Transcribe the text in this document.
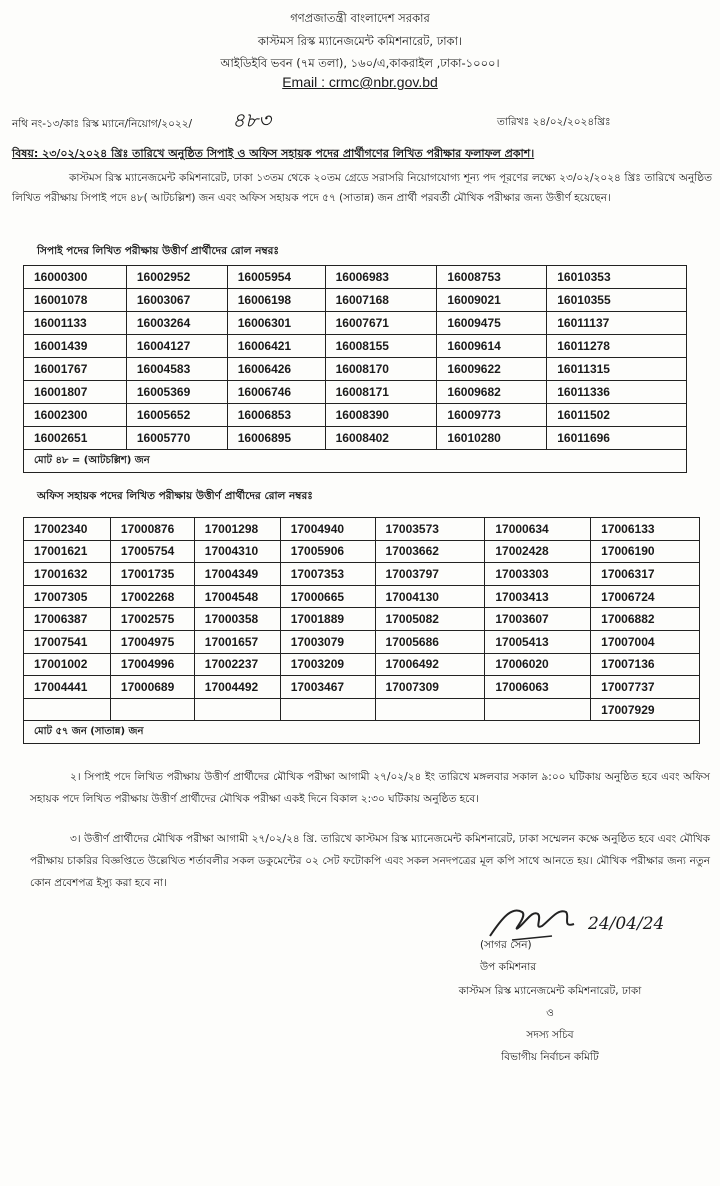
গণপ্রজাতন্ত্রী বাংলাদেশ সরকার
কাস্টমস রিস্ক ম্যানেজমেন্ট কমিশনারেট, ঢাকা।
আইডিইবি ভবন (৭ম তলা), ১৬০/এ,কাকরাইল ,ঢাকা-১০০০।
Email : crmc@nbr.gov.bd
নথি নং-১৩/কাঃ রিস্ক ম্যানে/নিয়োগ/২০২২/ ৪৮৩	তারিখঃ ২৪/০২/২০২৪খ্রিঃ
বিষয়: ২৩/০২/২০২৪ খ্রিঃ তারিখে অনুষ্ঠিত সিপাই ও অফিস সহায়ক পদের প্রার্থীগণের লিখিত পরীক্ষার ফলাফল প্রকাশ।

কাস্টমস রিস্ক ম্যানেজমেন্ট কমিশনারেট, ঢাকা ১৩তম থেকে ২০তম গ্রেডে সরাসরি নিয়োগযোগ্য শূন্য পদ পূরণের লক্ষ্যে ২৩/০২/২০২৪ খ্রিঃ তারিখে অনুষ্ঠিত লিখিত পরীক্ষায় সিপাই পদে ৪৮( আটচল্লিশ) জন এবং অফিস সহায়ক পদে ৫৭ (সাতান্ন) জন প্রার্থী পরবর্তী মৌখিক পরীক্ষার জন্য উত্তীর্ণ হয়েছেন।

সিপাই পদের লিখিত পরীক্ষায় উত্তীর্ণ প্রার্থীদের রোল নম্বরঃ
16000300	16002952	16005954	16006983	16008753	16010353
16001078	16003067	16006198	16007168	16009021	16010355
16001133	16003264	16006301	16007671	16009475	16011137
16001439	16004127	16006421	16008155	16009614	16011278
16001767	16004583	16006426	16008170	16009622	16011315
16001807	16005369	16006746	16008171	16009682	16011336
16002300	16005652	16006853	16008390	16009773	16011502
16002651	16005770	16006895	16008402	16010280	16011696
মোট ৪৮ = (আটচল্লিশ) জন					
অফিস সহায়ক পদের লিখিত পরীক্ষায় উত্তীর্ণ প্রার্থীদের রোল নম্বরঃ
17002340	17000876	17001298	17004940	17003573	17000634	17006133
17001621	17005754	17004310	17005906	17003662	17002428	17006190
17001632	17001735	17004349	17007353	17003797	17003303	17006317
17007305	17002268	17004548	17000665	17004130	17003413	17006724
17006387	17002575	17000358	17001889	17005082	17003607	17006882
17007541	17004975	17001657	17003079	17005686	17005413	17007004
17001002	17004996	17002237	17003209	17006492	17006020	17007136
17004441	17000689	17004492	17003467	17007309	17006063	17007737
						17007929
মোট ৫৭ জন (সাতান্ন) জন						

২। সিপাই পদে লিখিত পরীক্ষায় উত্তীর্ণ প্রার্থীদের মৌখিক পরীক্ষা আগামী ২৭/০২/২৪ ইং তারিখে মঙ্গলবার সকাল ৯:০০ ঘটিকায় অনুষ্ঠিত হবে এবং অফিস সহায়ক পদে লিখিত পরীক্ষায় উত্তীর্ণ প্রার্থীদের মৌখিক পরীক্ষা একই দিনে বিকাল ২:৩০ ঘটিকায় অনুষ্ঠিত হবে।

৩। উত্তীর্ণ প্রার্থীদের মৌখিক পরীক্ষা আগামী ২৭/০২/২৪ খ্রি. তারিখে কাস্টমস রিস্ক ম্যানেজমেন্ট কমিশনারেট, ঢাকা সম্মেলন কক্ষে অনুষ্ঠিত হবে এবং মৌখিক পরীক্ষায় চাকরির বিজ্ঞপ্তিতে উল্লেখিত শর্তাবলীর সকল ডকুমেন্টের ০২ সেট ফটোকপি এবং সকল সনদপত্রের মূল কপি সাথে আনতে হয়। মৌখিক পরীক্ষার জন্য নতুন কোন প্রবেশপত্র ইস্যু করা হবে না।

24/04/24
(সাগর সেন)
উপ কমিশনার
কাস্টমস রিস্ক ম্যানেজমেন্ট কমিশনারেট, ঢাকা
ও
সদস্য সচিব
বিভাগীয় নির্বাচন কমিটি
